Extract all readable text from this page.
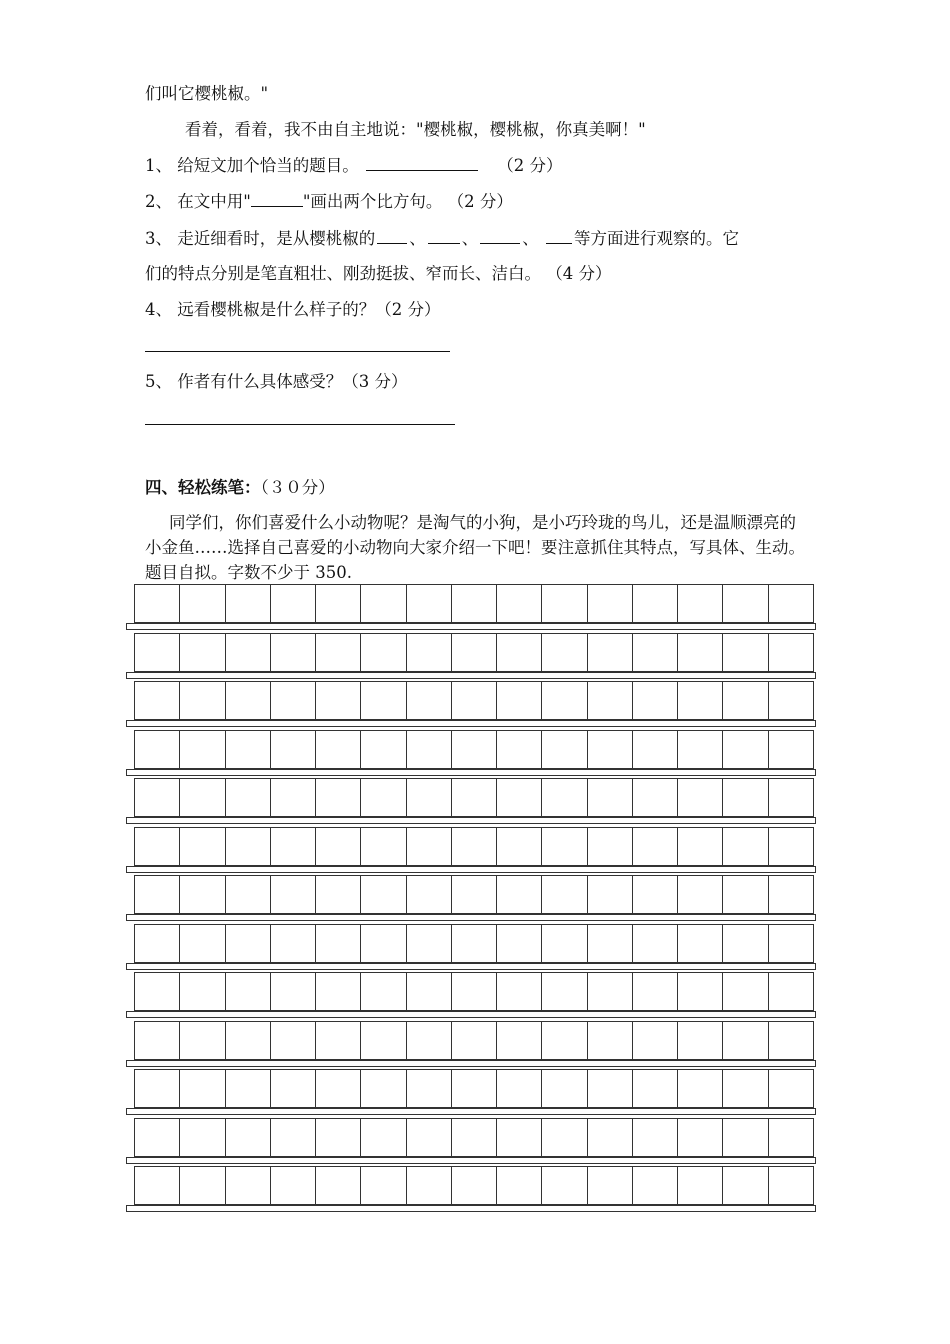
们叫它樱桃椒。"
看着，看着，我不由自主地说："樱桃椒，樱桃椒，你真美啊！"
1、 给短文加个恰当的题目。	（2 分）
2、 在文中用"	"画出两个比方句。 （2 分）
3、 走近细看时，是从樱桃椒的 、 、	、 等方面进行观察的。它
们的特点分别是笔直粗壮、刚劲挺拔、窄而长、洁白。 （4 分）
4、 远看樱桃椒是什么样子的？（2 分）
5、 作者有什么具体感受？（3 分）
四、轻松练笔：（３０分）
同学们，你们喜爱什么小动物呢？是淘气的小狗，是小巧玲珑的鸟儿，还是温顺漂亮的小金鱼……选择自己喜爱的小动物向大家介绍一下吧！要注意抓住其特点，写具体、生动。题目自拟。字数不少于 350.
